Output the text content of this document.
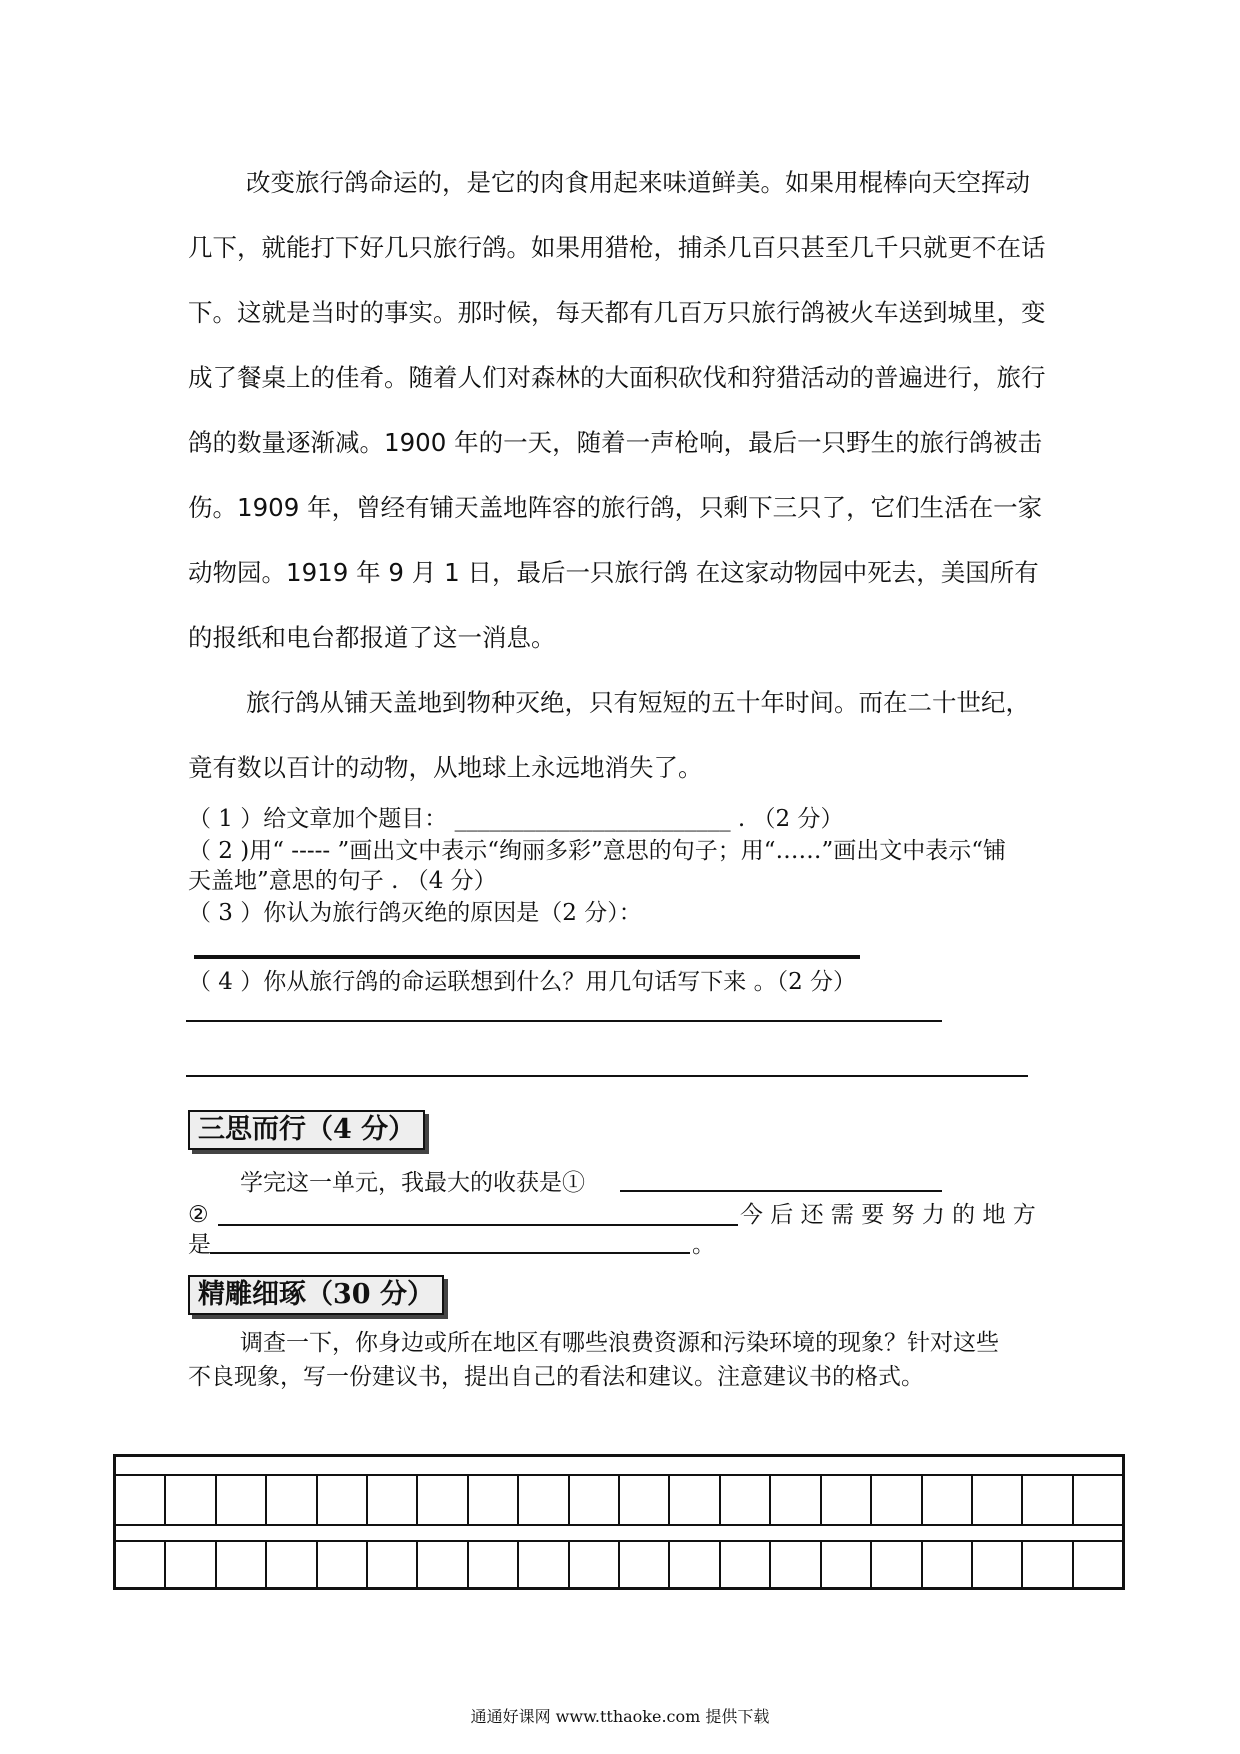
改变旅行鸽命运的，是它的肉食用起来味道鲜美。如果用棍棒向天空挥动
几下，就能打下好几只旅行鸽。如果用猎枪，捕杀几百只甚至几千只就更不在话
下。这就是当时的事实。那时候，每天都有几百万只旅行鸽被火车送到城里，变
成了餐桌上的佳肴。随着人们对森林的大面积砍伐和狩猎活动的普遍进行，旅行
鸽的数量逐渐减。1900 年的一天，随着一声枪响，最后一只野生的旅行鸽被击
伤。1909 年，曾经有铺天盖地阵容的旅行鸽，只剩下三只了，它们生活在一家
动物园。1919 年 9 月 1 日，最后一只旅行鸽 在这家动物园中死去，美国所有
的报纸和电台都报道了这一消息。
旅行鸽从铺天盖地到物种灭绝，只有短短的五十年时间。而在二十世纪，
竟有数以百计的动物，从地球上永远地消失了。
（ 1 ）给文章加个题目： ________________________ . （2 分）
（ 2 )用“ ----- ”画出文中表示“绚丽多彩”意思的句子；用“……”画出文中表示“铺
天盖地”意思的句子 . （4 分）
（ 3 ）你认为旅行鸽灭绝的原因是（2 分）：
（ 4 ）你从旅行鸽的命运联想到什么？用几句话写下来 。（2 分）
三思而行（4 分）
学完这一单元，我最大的收获是①
②	今 后 还 需 要 努 力 的 地 方
是	。
精雕细琢（30 分）
调查一下，你身边或所在地区有哪些浪费资源和污染环境的现象？针对这些
不良现象，写一份建议书，提出自己的看法和建议。注意建议书的格式。
通通好课网 www.tthaoke.com 提供下载
